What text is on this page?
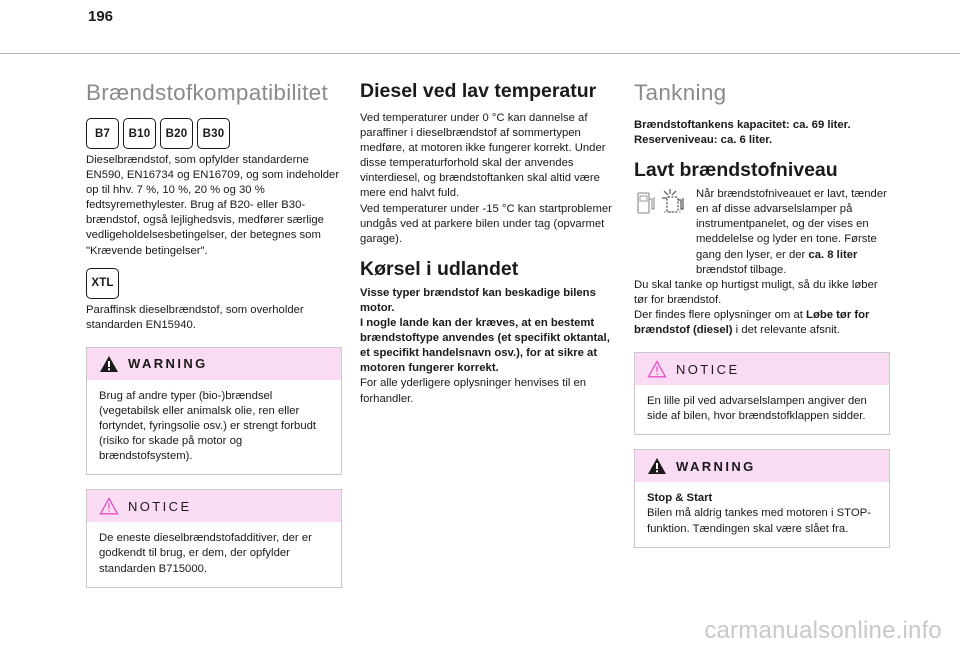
196
Brændstofkompatibilitet
B7	B10	B20	B30

Dieselbrændstof, som opfylder standarderne EN590, EN16734 og EN16709, og som indeholder op til hhv. 7 %, 10 %, 20 % og 30 % fedtsyremethylester. Brug af B20- eller B30-brændstof, også lejlighedsvis, medfører særlige vedligeholdelsesbetingelser, der betegnes som "Krævende betingelser".

XTL

Paraffinsk dieselbrændstof, som overholder standarden EN15940.

WARNING

Brug af andre typer (bio-)brændsel (vegetabilsk eller animalsk olie, ren eller fortyndet, fyringsolie osv.) er strengt forbudt (risiko for skade på motor og brændstofsystem).

NOTICE

De eneste dieselbrændstofadditiver, der er godkendt til brug, er dem, der opfylder standarden B715000.

Diesel ved lav temperatur

Ved temperaturer under 0 °C kan dannelse af paraffiner i dieselbrændstof af sommertypen medføre, at motoren ikke fungerer korrekt. Under disse temperaturforhold skal der anvendes vinterdiesel, og brændstoftanken skal altid være mere end halvt fuld.

Ved temperaturer under -15 °C kan startproblemer undgås ved at parkere bilen under tag (opvarmet garage).

Kørsel i udlandet

Visse typer brændstof kan beskadige bilens motor.

I nogle lande kan der kræves, at en bestemt brændstoftype anvendes (et specifikt oktantal, et specifikt handelsnavn osv.), for at sikre at motoren fungerer korrekt.

For alle yderligere oplysninger henvises til en forhandler.

Tankning

Brændstoftankens kapacitet: ca. 69 liter.

Reserveniveau: ca. 6 liter.

Lavt brændstofniveau

Når brændstofniveauet er lavt, tænder en af disse advarselslamper på instrumentpanelet, og der vises en meddelelse og lyder en tone. Første gang den lyser, er der ca. 8 liter brændstof tilbage.

Du skal tanke op hurtigst muligt, så du ikke løber tør for brændstof.

Der findes flere oplysninger om at Løbe tør for brændstof (diesel) i det relevante afsnit.

NOTICE

En lille pil ved advarselslampen angiver den side af bilen, hvor brændstofklappen sidder.

WARNING

Stop & Start

Bilen må aldrig tankes med motoren i STOP-funktion. Tændingen skal være slået fra.

carmanualsonline.info
